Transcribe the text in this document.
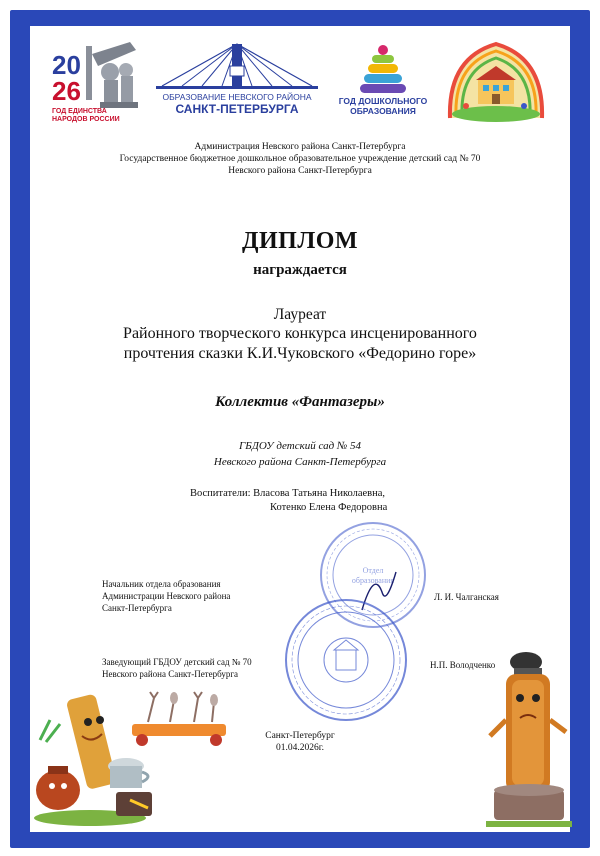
20
26
ГОД ЕДИНСТВА
НАРОДОВ РОССИИ
ОБРАЗОВАНИЕ НЕВСКОГО РАЙОНА
САНКТ-ПЕТЕРБУРГА
ГОД ДОШКОЛЬНОГО
ОБРАЗОВАНИЯ
Администрация Невского района Санкт-Петербурга
Государственное бюджетное дошкольное образовательное учреждение детский сад № 70
Невского района Санкт-Петербурга
ДИПЛОМ
награждается
Лауреат
Районного творческого конкурса инсценированного
прочтения сказки К.И.Чуковского «Федорино горе»
Коллектив «Фантазеры»
ГБДОУ детский сад № 54
Невского района Санкт-Петербурга
Воспитатели: Власова Татьяна Николаевна,
Котенко Елена Федоровна
Отдел образования
Начальник отдела образования
Администрации Невского района
Санкт-Петербурга
Л. И. Чалганская
Заведующий ГБДОУ детский сад № 70
Невского района Санкт-Петербурга
Н.П. Володченко
Санкт-Петербург
01.04.2026г.
